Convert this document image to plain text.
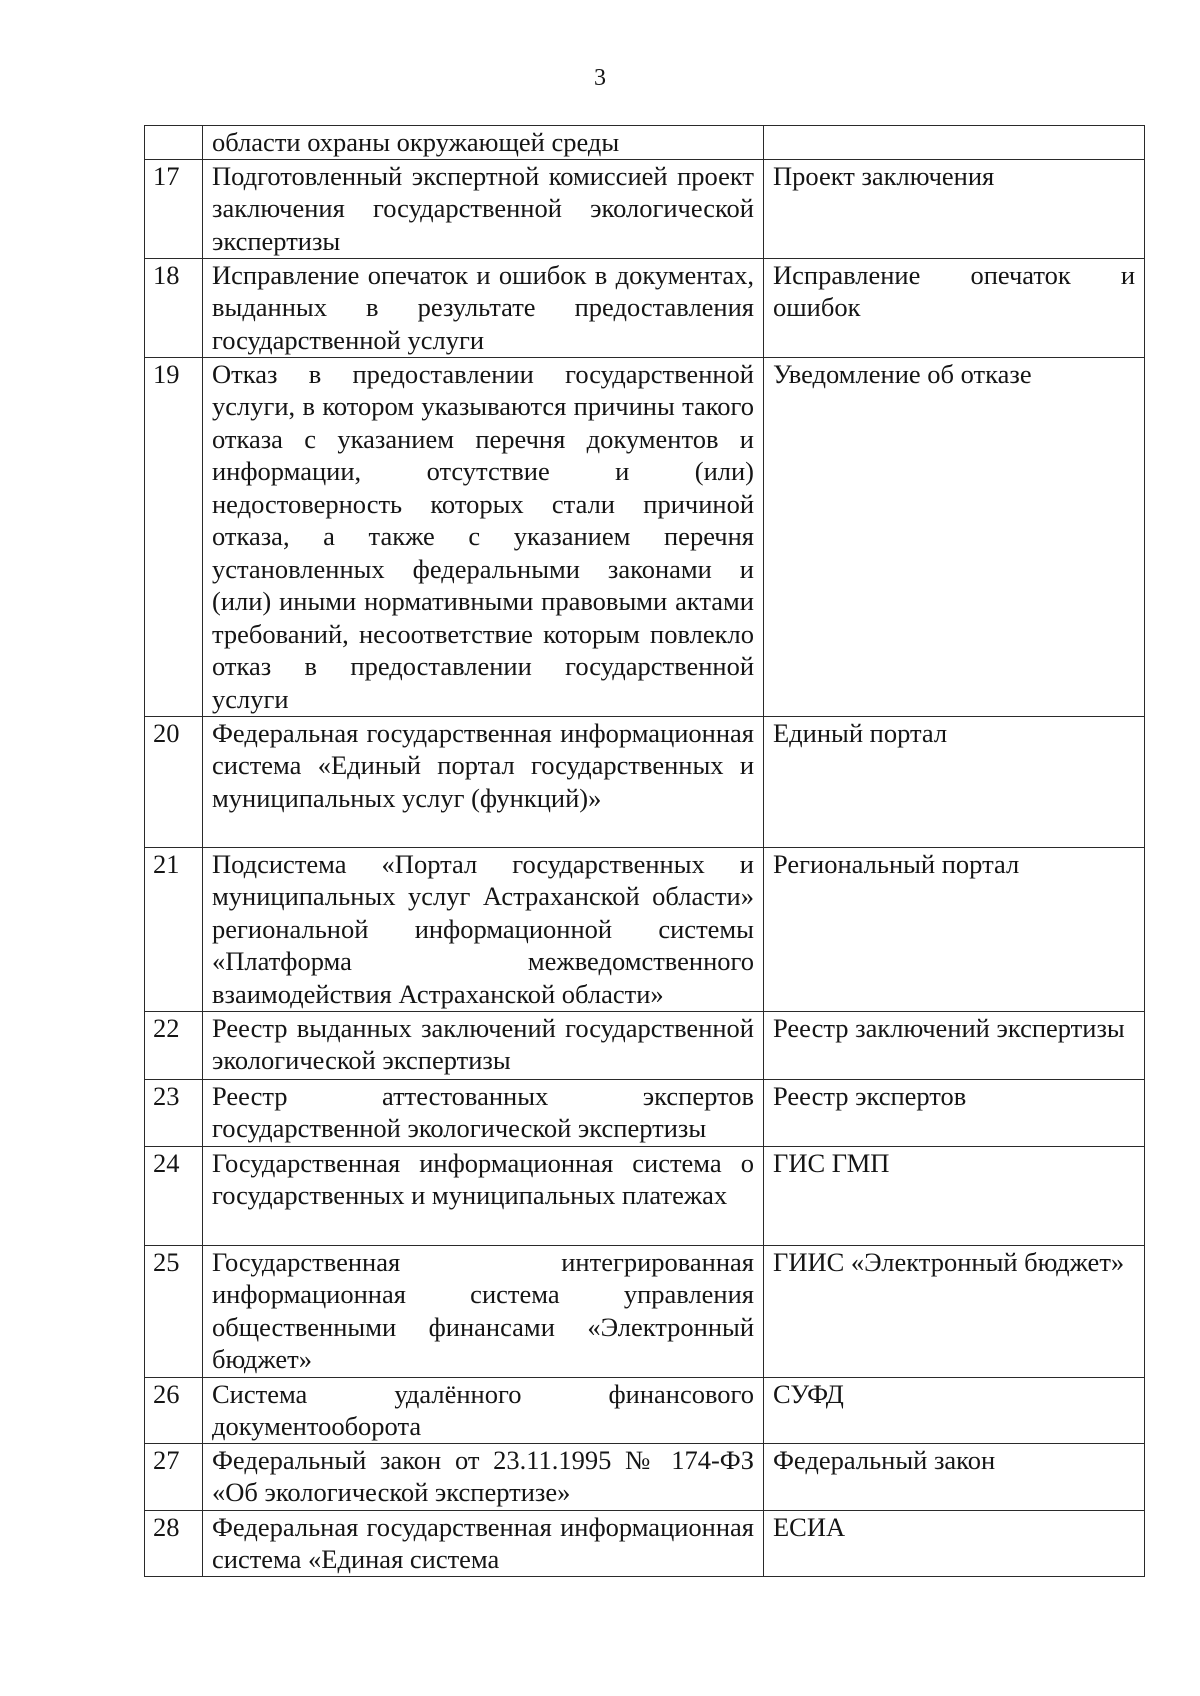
3
	области охраны окружающей среды	
17	Подготовленный экспертной комиссией проект заключения государственной экологической экспертизы	Проект заключения
18	Исправление опечаток и ошибок в документах, выданных в результате предоставления государственной услуги	Исправление опечаток и ошибок
19	Отказ в предоставлении государственной услуги, в котором указываются причины такого отказа с указанием перечня документов и информации, отсутствие и (или) недостоверность которых стали причиной отказа, а также с указанием перечня установленных федеральными законами и (или) иными нормативными правовыми актами требований, несоответствие которым повлекло отказ в предоставлении государственной услуги	Уведомление об отказе
20	Федеральная государственная информационная система «Единый портал государственных и муниципальных услуг (функций)»	Единый портал
21	Подсистема «Портал государственных и муниципальных услуг Астраханской области» региональной информационной системы «Платформа межведомственного взаимодействия Астраханской области»	Региональный портал
22	Реестр выданных заключений государственной экологической экспертизы	Реестр заключений экспертизы
23	Реестр аттестованных экспертов государственной экологической экспертизы	Реестр экспертов
24	Государственная информационная система о государственных и муниципальных платежах	ГИС ГМП
25	Государственная интегрированная информационная система управления общественными финансами «Электронный бюджет»	ГИИС «Электронный бюджет»
26	Система удалённого финансового документооборота	СУФД
27	Федеральный закон от 23.11.1995 № 174-ФЗ «Об экологической экспертизе»	Федеральный закон
28	Федеральная государственная информационная система «Единая система	ЕСИА
